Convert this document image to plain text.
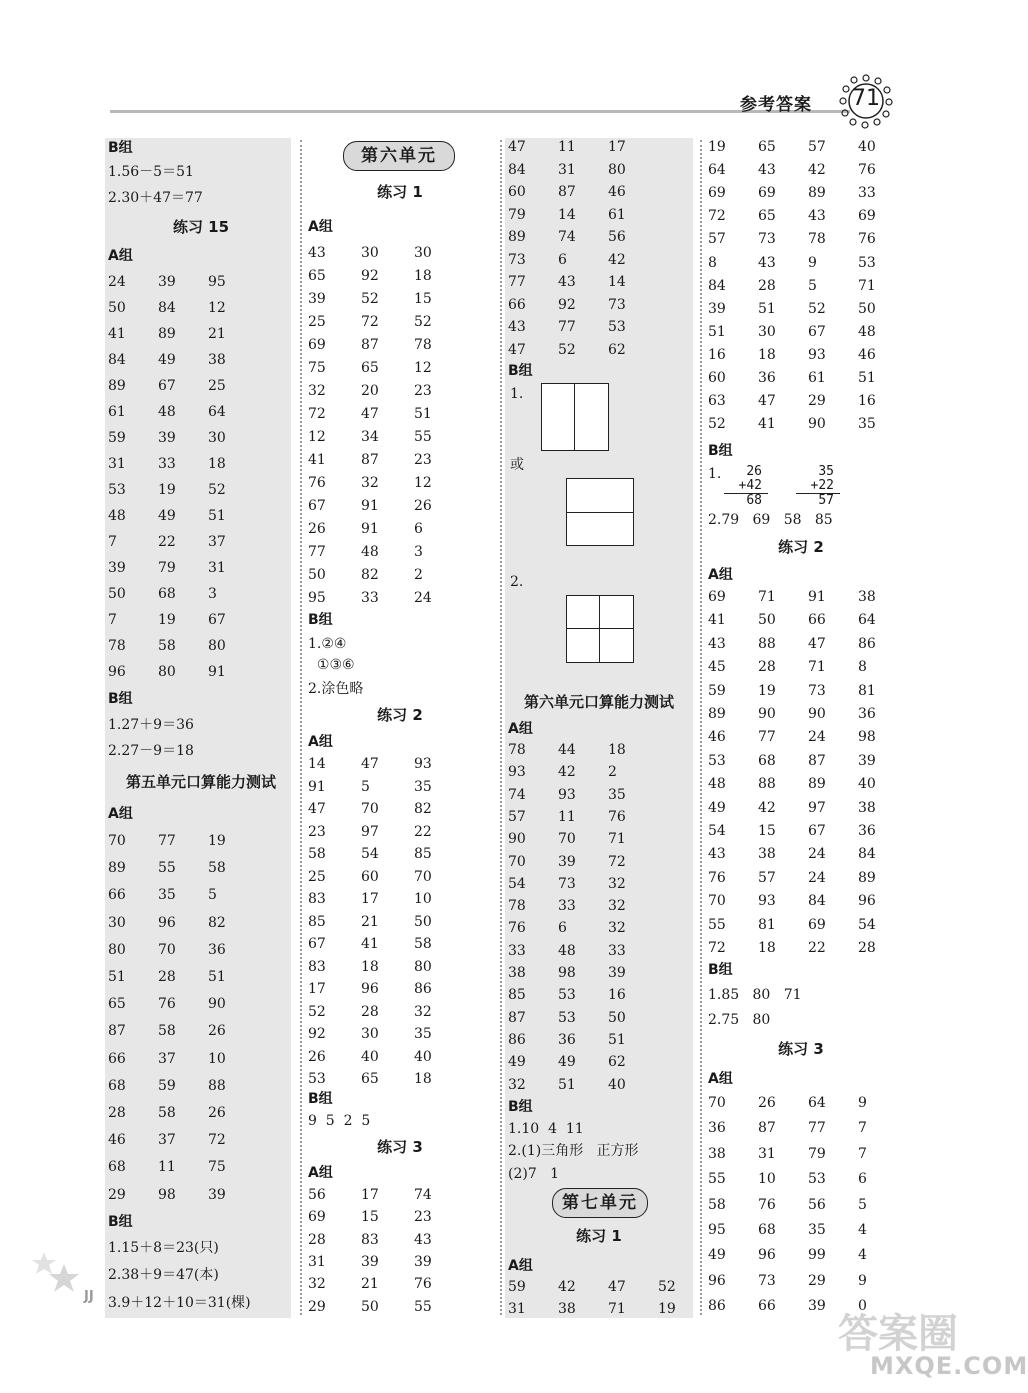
参考答案 71
B组
1.56－5＝51
2.30＋47＝77
练习 15
A组
24	39	95
50	84	12
41	89	21
84	49	38
89	67	25
61	48	64
59	39	30
31	33	18
53	19	52
48	49	51
7	22	37
39	79	31
50	68	3
7	19	67
78	58	80
96	80	91
B组
1.27＋9＝36
2.27－9＝18
第五单元口算能力测试
A组
70	77	19
89	55	58
66	35	5
30	96	82
80	70	36
51	28	51
65	76	90
87	58	26
66	37	10
68	59	88
28	58	26
46	37	72
68	11	75
29	98	39
B组
1.15＋8＝23(只)
2.38＋9＝47(本)
3.9＋12＋10＝31(棵)
JJ
第六单元
练习 1
A组
43	30	30
65	92	18
39	52	15
25	72	52
69	87	78
75	65	12
32	20	23
72	47	51
12	34	55
41	87	23
76	32	12
67	91	26
26	91	6
77	48	3
50	82	2
95	33	24
B组
1.②④
①③⑥
2.涂色略
练习 2
A组
14	47	93
91	5	35
47	70	82
23	97	22
58	54	85
25	60	70
83	17	10
85	21	50
67	41	58
83	18	80
17	96	86
52	28	32
92	30	35
26	40	40
53	65	18
B组
9  5  2  5
练习 3
A组
56	17	74
69	15	23
28	83	43
31	39	39
32	21	76
29	50	55
47	11	17
84	31	80
60	87	46
79	14	61
89	74	56
73	6	42
77	43	14
66	92	73
43	77	53
47	52	62
B组
1.
或
2.
第六单元口算能力测试
A组
78	44	18
93	42	2
74	93	35
57	11	76
90	70	71
70	39	72
54	73	32
78	33	32
76	6	32
33	48	33
38	98	39
85	53	16
87	53	50
86	36	51
49	49	62
32	51	40
B组
1.10  4  11
2.(1)三角形   正方形
(2)7   1
第七单元
练习 1
A组
59	42	47	52
31	38	71	19
19	65	57	40
64	43	42	76
69	69	89	33
72	65	43	69
57	73	78	76
8	43	9	53
84	28	5	71
39	51	52	50
51	30	67	48
16	18	93	46
60	36	61	51
63	47	29	16
52	41	90	35
B组
1.	26
+42
68
35
+22
57
2.79   69   58   85
练习 2
A组
69	71	91	38
41	50	66	64
43	88	47	86
45	28	71	8
59	19	73	81
89	90	90	36
46	77	24	98
53	68	87	39
48	88	89	40
49	42	97	38
54	15	67	36
43	38	24	84
76	57	24	89
70	93	84	96
55	81	69	54
72	18	22	28
B组
1.85   80   71
2.75   80
练习 3
A组
70	26	64	9
36	87	77	7
38	31	79	7
55	10	53	6
58	76	56	5
95	68	35	4
49	96	99	4
96	73	29	9
86	66	39	0
答案圈
MXQE.COM
